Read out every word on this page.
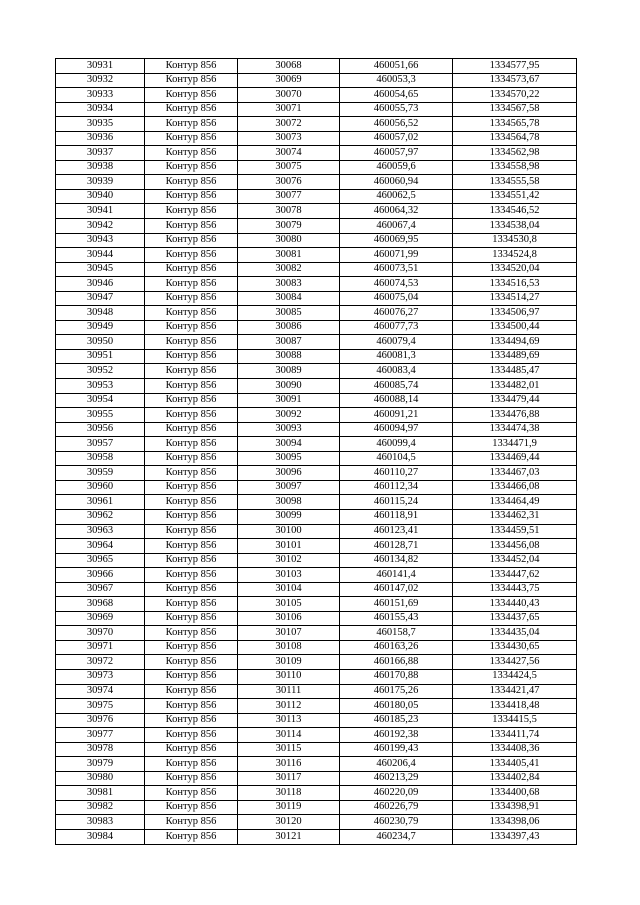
30931	Контур 856	30068	460051,66	1334577,95
30932	Контур 856	30069	460053,3	1334573,67
30933	Контур 856	30070	460054,65	1334570,22
30934	Контур 856	30071	460055,73	1334567,58
30935	Контур 856	30072	460056,52	1334565,78
30936	Контур 856	30073	460057,02	1334564,78
30937	Контур 856	30074	460057,97	1334562,98
30938	Контур 856	30075	460059,6	1334558,98
30939	Контур 856	30076	460060,94	1334555,58
30940	Контур 856	30077	460062,5	1334551,42
30941	Контур 856	30078	460064,32	1334546,52
30942	Контур 856	30079	460067,4	1334538,04
30943	Контур 856	30080	460069,95	1334530,8
30944	Контур 856	30081	460071,99	1334524,8
30945	Контур 856	30082	460073,51	1334520,04
30946	Контур 856	30083	460074,53	1334516,53
30947	Контур 856	30084	460075,04	1334514,27
30948	Контур 856	30085	460076,27	1334506,97
30949	Контур 856	30086	460077,73	1334500,44
30950	Контур 856	30087	460079,4	1334494,69
30951	Контур 856	30088	460081,3	1334489,69
30952	Контур 856	30089	460083,4	1334485,47
30953	Контур 856	30090	460085,74	1334482,01
30954	Контур 856	30091	460088,14	1334479,44
30955	Контур 856	30092	460091,21	1334476,88
30956	Контур 856	30093	460094,97	1334474,38
30957	Контур 856	30094	460099,4	1334471,9
30958	Контур 856	30095	460104,5	1334469,44
30959	Контур 856	30096	460110,27	1334467,03
30960	Контур 856	30097	460112,34	1334466,08
30961	Контур 856	30098	460115,24	1334464,49
30962	Контур 856	30099	460118,91	1334462,31
30963	Контур 856	30100	460123,41	1334459,51
30964	Контур 856	30101	460128,71	1334456,08
30965	Контур 856	30102	460134,82	1334452,04
30966	Контур 856	30103	460141,4	1334447,62
30967	Контур 856	30104	460147,02	1334443,75
30968	Контур 856	30105	460151,69	1334440,43
30969	Контур 856	30106	460155,43	1334437,65
30970	Контур 856	30107	460158,7	1334435,04
30971	Контур 856	30108	460163,26	1334430,65
30972	Контур 856	30109	460166,88	1334427,56
30973	Контур 856	30110	460170,88	1334424,5
30974	Контур 856	30111	460175,26	1334421,47
30975	Контур 856	30112	460180,05	1334418,48
30976	Контур 856	30113	460185,23	1334415,5
30977	Контур 856	30114	460192,38	1334411,74
30978	Контур 856	30115	460199,43	1334408,36
30979	Контур 856	30116	460206,4	1334405,41
30980	Контур 856	30117	460213,29	1334402,84
30981	Контур 856	30118	460220,09	1334400,68
30982	Контур 856	30119	460226,79	1334398,91
30983	Контур 856	30120	460230,79	1334398,06
30984	Контур 856	30121	460234,7	1334397,43
